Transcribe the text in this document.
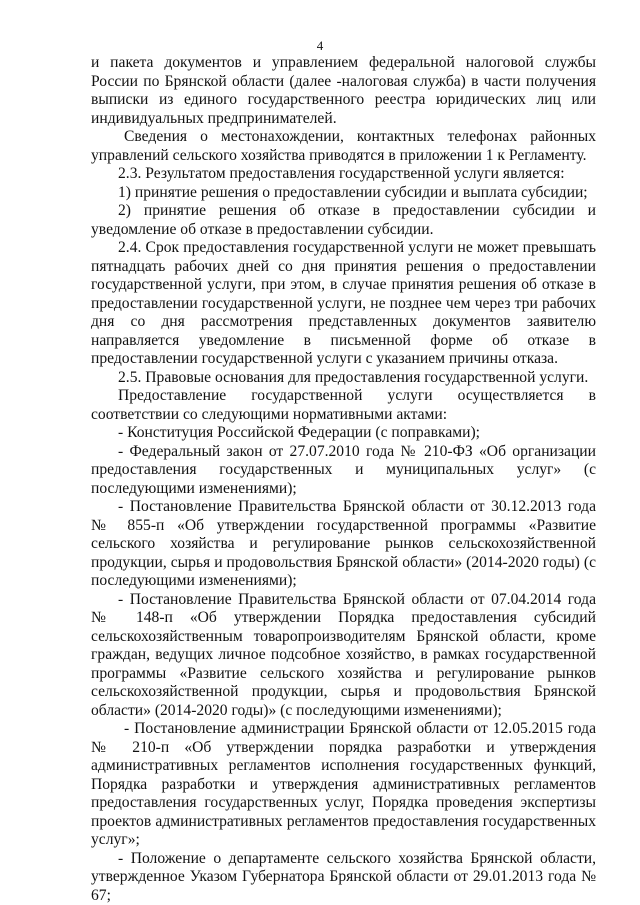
4

и пакета документов и управлением федеральной налоговой службы России по Брянской области (далее -налоговая служба) в части получения выписки из единого государственного реестра юридических лиц или индивидуальных предпринимателей.

Сведения о местонахождении, контактных телефонах районных управлений сельского хозяйства приводятся в приложении 1 к Регламенту.

2.3. Результатом предоставления государственной услуги является:

1) принятие решения о предоставлении субсидии и выплата субсидии;

2) принятие решения об отказе в предоставлении субсидии и уведомление об отказе в предоставлении субсидии.

2.4. Срок предоставления государственной услуги не может превышать пятнадцать рабочих дней со дня принятия решения о предоставлении государственной услуги, при этом, в случае принятия решения об отказе в предоставлении государственной услуги, не позднее чем через три рабочих дня со дня рассмотрения представленных документов заявителю направляется уведомление в письменной форме об отказе в предоставлении государственной услуги с указанием причины отказа.

2.5. Правовые основания для предоставления государственной услуги.

Предоставление государственной услуги осуществляется в соответствии со следующими нормативными актами:

- Конституция Российской Федерации (с поправками);

- Федеральный закон от 27.07.2010 года № 210-ФЗ «Об организации предоставления государственных и муниципальных услуг» (с последующими изменениями);

- Постановление Правительства Брянской области от 30.12.2013 года № 855-п «Об утверждении государственной программы «Развитие сельского хозяйства и регулирование рынков сельскохозяйственной продукции, сырья и продовольствия Брянской области» (2014-2020 годы) (с последующими изменениями);

- Постановление Правительства Брянской области от 07.04.2014 года № 148-п «Об утверждении Порядка предоставления субсидий сельскохозяйственным товаропроизводителям Брянской области, кроме граждан, ведущих личное подсобное хозяйство, в рамках государственной программы «Развитие сельского хозяйства и регулирование рынков сельскохозяйственной продукции, сырья и продовольствия Брянской области» (2014-2020 годы)» (с последующими изменениями);

- Постановление администрации Брянской области от 12.05.2015 года № 210-п «Об утверждении порядка разработки и утверждения административных регламентов исполнения государственных функций, Порядка разработки и утверждения административных регламентов предоставления государственных услуг, Порядка проведения экспертизы проектов административных регламентов предоставления государственных услуг»;

- Положение о департаменте сельского хозяйства Брянской области, утвержденное Указом Губернатора Брянской области от 29.01.2013 года № 67;
